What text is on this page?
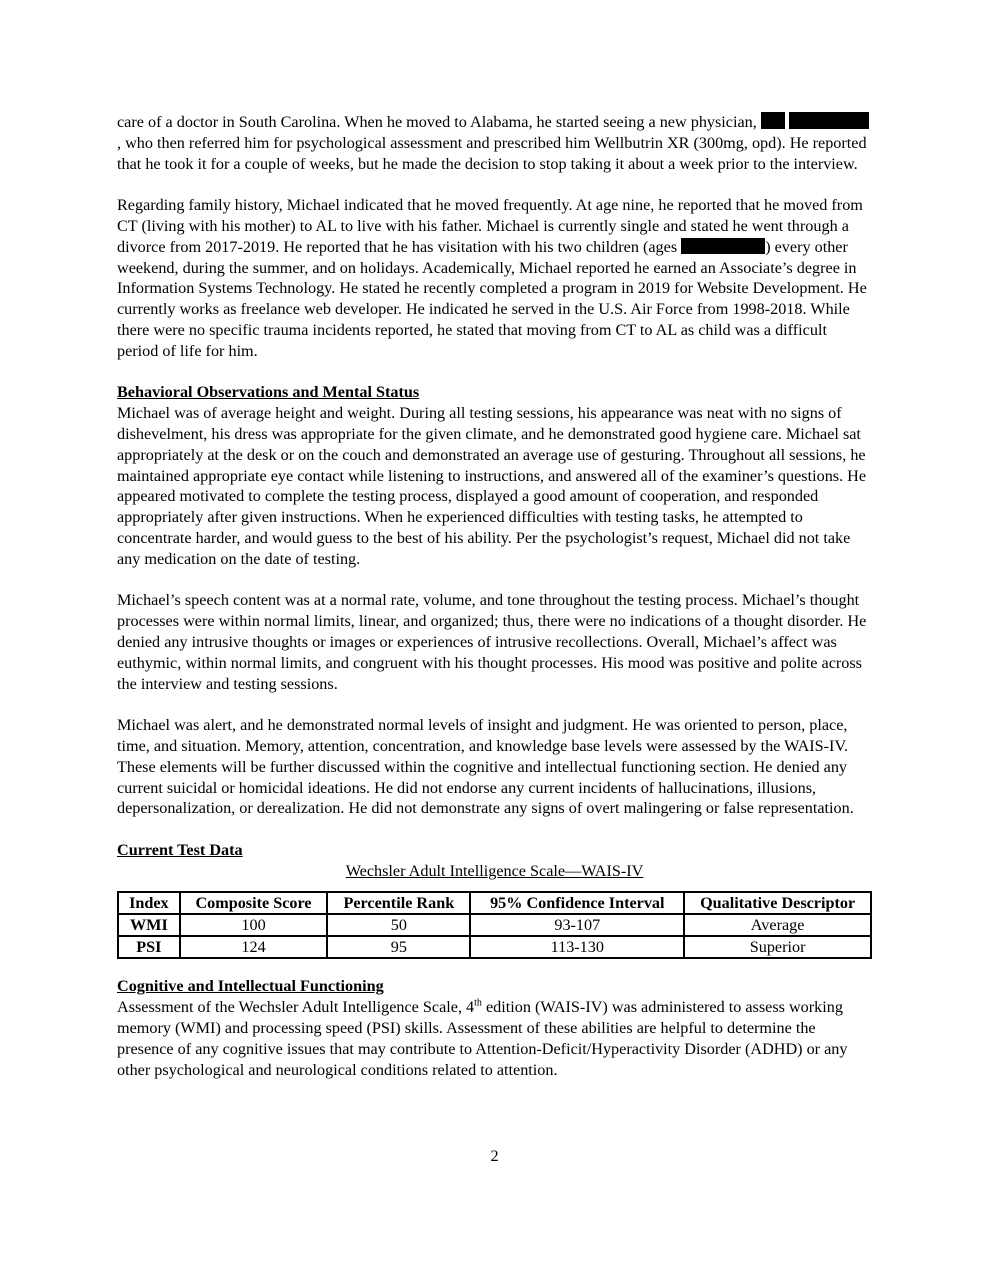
care of a doctor in South Carolina. When he moved to Alabama, he started seeing a new physician,  , who then referred him for psychological assessment and prescribed him Wellbutrin XR (300mg, opd). He reported that he took it for a couple of weeks, but he made the decision to stop taking it about a week prior to the interview.

Regarding family history, Michael indicated that he moved frequently. At age nine, he reported that he moved from CT (living with his mother) to AL to live with his father. Michael is currently single and stated he went through a divorce from 2017-2019. He reported that he has visitation with his two children (ages	) every other weekend, during the summer, and on holidays. Academically, Michael reported he earned an Associate’s degree in Information Systems Technology. He stated he recently completed a program in 2019 for Website Development. He currently works as freelance web developer. He indicated he served in the U.S. Air Force from 1998-2018. While there were no specific trauma incidents reported, he stated that moving from CT to AL as child was a difficult period of life for him.

Behavioral Observations and Mental Status

Michael was of average height and weight. During all testing sessions, his appearance was neat with no signs of dishevelment, his dress was appropriate for the given climate, and he demonstrated good hygiene care. Michael sat appropriately at the desk or on the couch and demonstrated an average use of gesturing. Throughout all sessions, he maintained appropriate eye contact while listening to instructions, and answered all of the examiner’s questions. He appeared motivated to complete the testing process, displayed a good amount of cooperation, and responded appropriately after given instructions. When he experienced difficulties with testing tasks, he attempted to concentrate harder, and would guess to the best of his ability. Per the psychologist’s request, Michael did not take any medication on the date of testing.

Michael’s speech content was at a normal rate, volume, and tone throughout the testing process. Michael’s thought processes were within normal limits, linear, and organized; thus, there were no indications of a thought disorder. He denied any intrusive thoughts or images or experiences of intrusive recollections. Overall, Michael’s affect was euthymic, within normal limits, and congruent with his thought processes. His mood was positive and polite across the interview and testing sessions.

Michael was alert, and he demonstrated normal levels of insight and judgment. He was oriented to person, place, time, and situation. Memory, attention, concentration, and knowledge base levels were assessed by the WAIS-IV. These elements will be further discussed within the cognitive and intellectual functioning section. He denied any current suicidal or homicidal ideations. He did not endorse any current incidents of hallucinations, illusions, depersonalization, or derealization. He did not demonstrate any signs of overt malingering or false representation.

Current Test Data
Wechsler Adult Intelligence Scale—WAIS-IV
Index	Composite Score	Percentile Rank	95% Confidence Interval	Qualitative Descriptor
WMI	100	50	93-107	Average
PSI	124	95	113-130	Superior
Cognitive and Intellectual Functioning

Assessment of the Wechsler Adult Intelligence Scale, 4th edition (WAIS-IV) was administered to assess working memory (WMI) and processing speed (PSI) skills. Assessment of these abilities are helpful to determine the presence of any cognitive issues that may contribute to Attention-Deficit/Hyperactivity Disorder (ADHD) or any other psychological and neurological conditions related to attention.

2
